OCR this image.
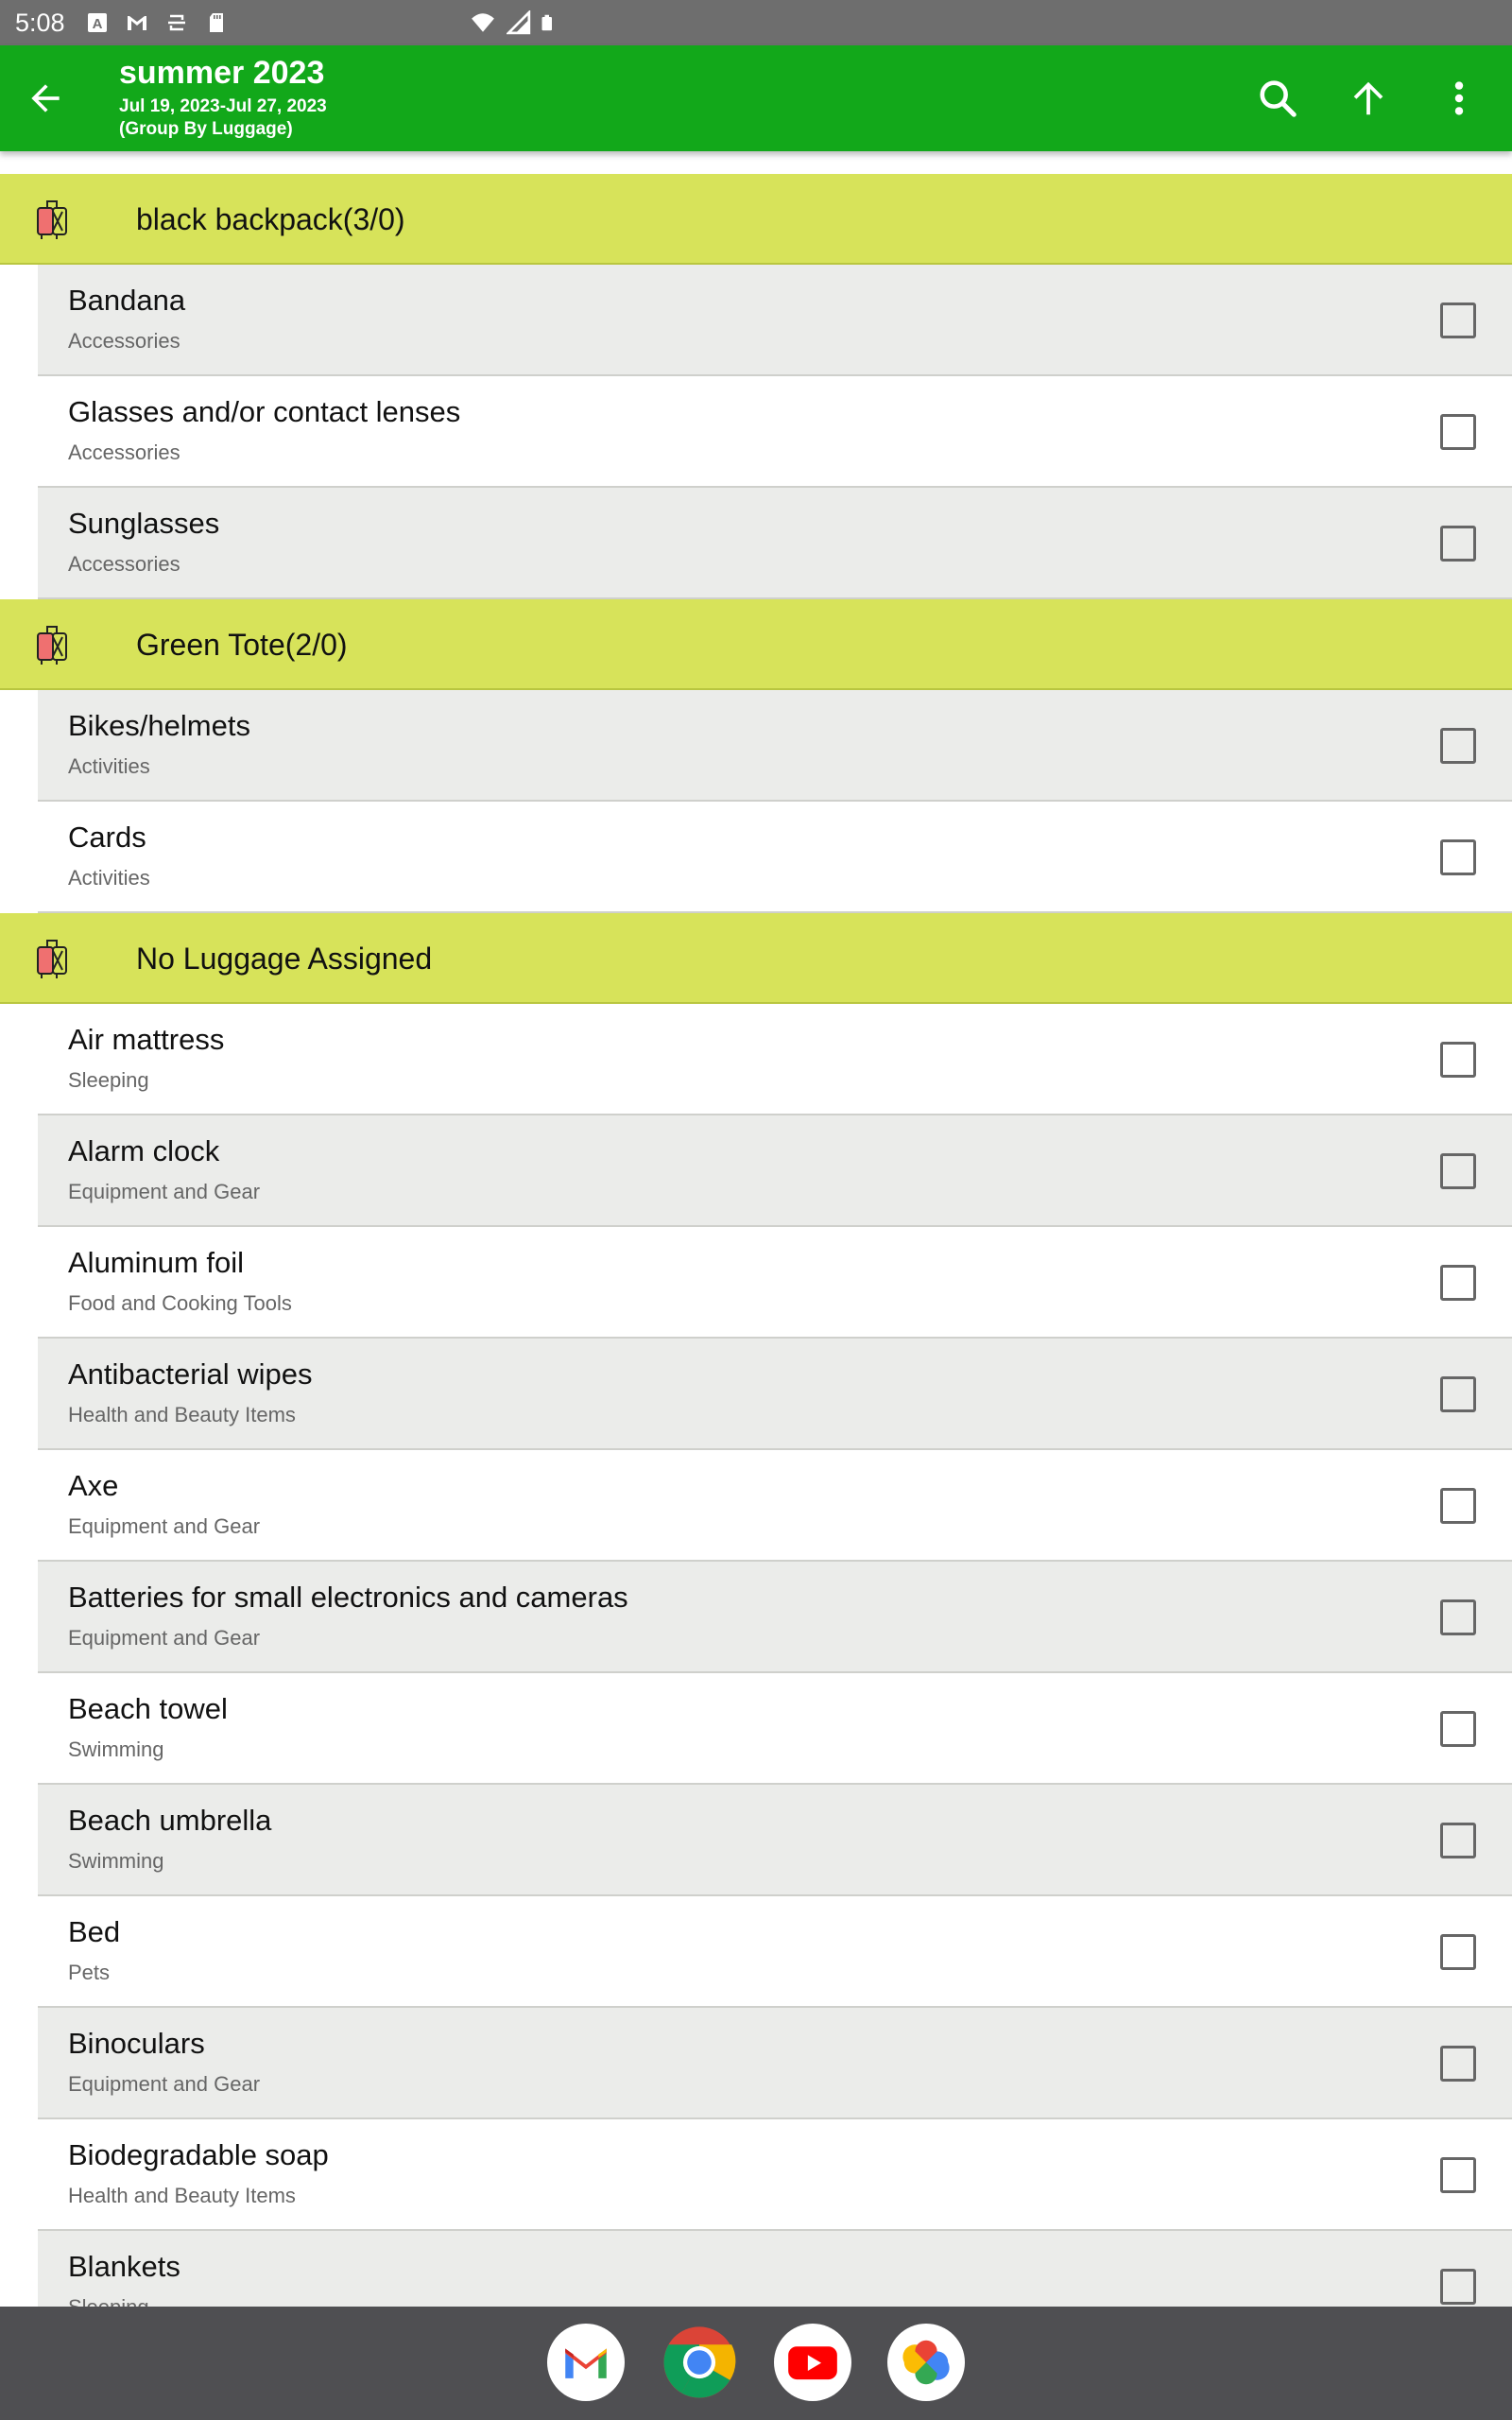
5:08 A
summer 2023
Jul 19, 2023-Jul 27, 2023
(Group By Luggage)
black backpack(3/0)
Bandana
Accessories
Glasses and/or contact lenses
Accessories
Sunglasses
Accessories
Green Tote(2/0)
Bikes/helmets
Activities
Cards
Activities
No Luggage Assigned
Air mattress
Sleeping
Alarm clock
Equipment and Gear
Aluminum foil
Food and Cooking Tools
Antibacterial wipes
Health and Beauty Items
Axe
Equipment and Gear
Batteries for small electronics and cameras
Equipment and Gear
Beach towel
Swimming
Beach umbrella
Swimming
Bed
Pets
Binoculars
Equipment and Gear
Biodegradable soap
Health and Beauty Items
Blankets
